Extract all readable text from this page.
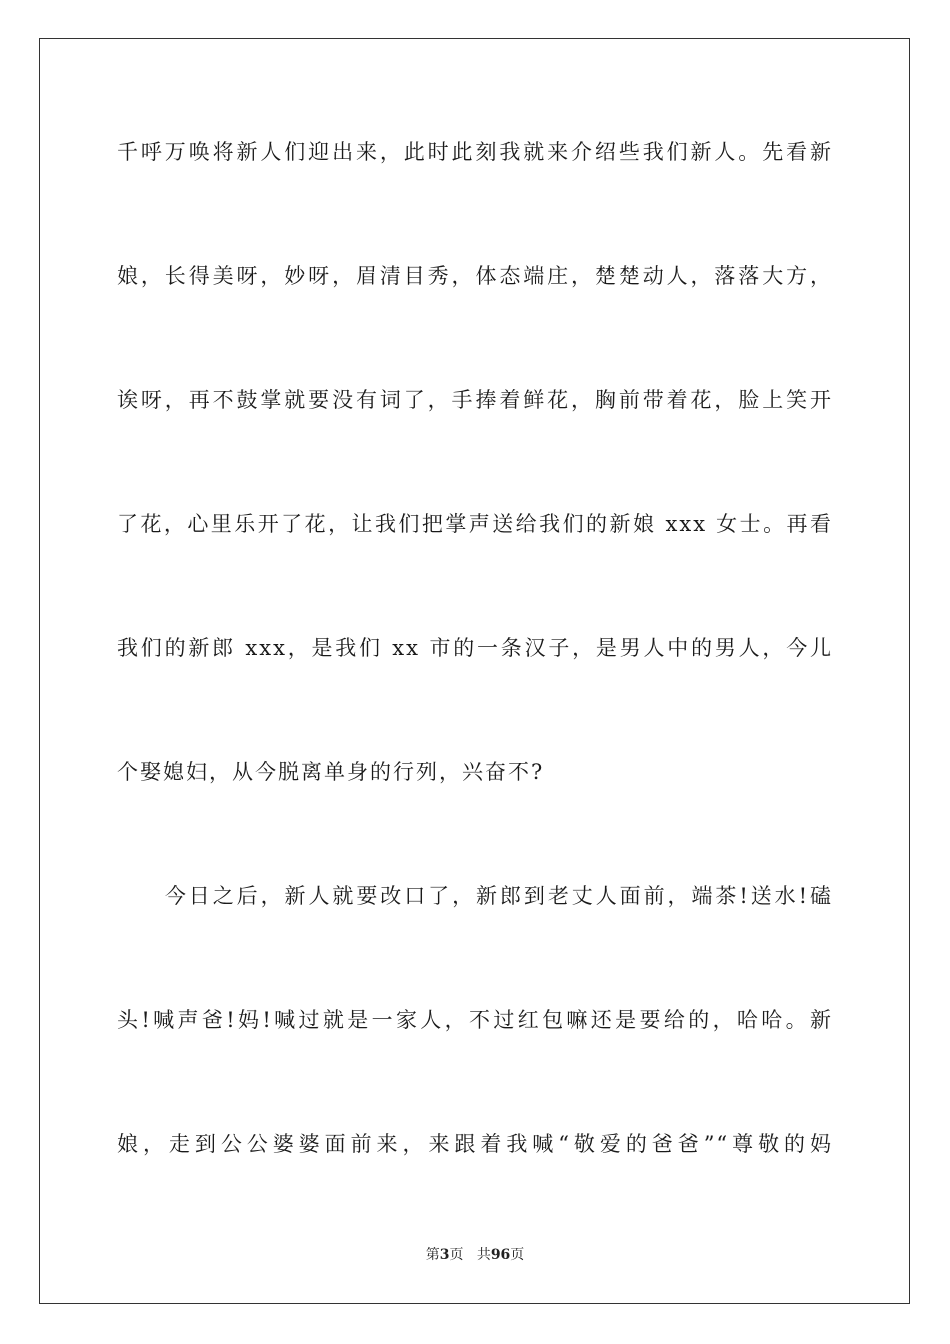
千呼万唤将新人们迎出来，此时此刻我就来介绍些我们新人。先看新
娘，长得美呀，妙呀，眉清目秀，体态端庄，楚楚动人，落落大方，
诶呀，再不鼓掌就要没有词了，手捧着鲜花，胸前带着花，脸上笑开
了花，心里乐开了花，让我们把掌声送给我们的新娘 xxx 女士。再看
我们的新郎 xxx，是我们 xx 市的一条汉子，是男人中的男人，今儿
个娶媳妇，从今脱离单身的行列，兴奋不?
　　今日之后，新人就要改口了，新郎到老丈人面前，端茶!送水!磕
头!喊声爸!妈!喊过就是一家人，不过红包嘛还是要给的，哈哈。新
娘，走到公公婆婆面前来，来跟着我喊“敬爱的爸爸”“尊敬的妈
第3页 共96页
